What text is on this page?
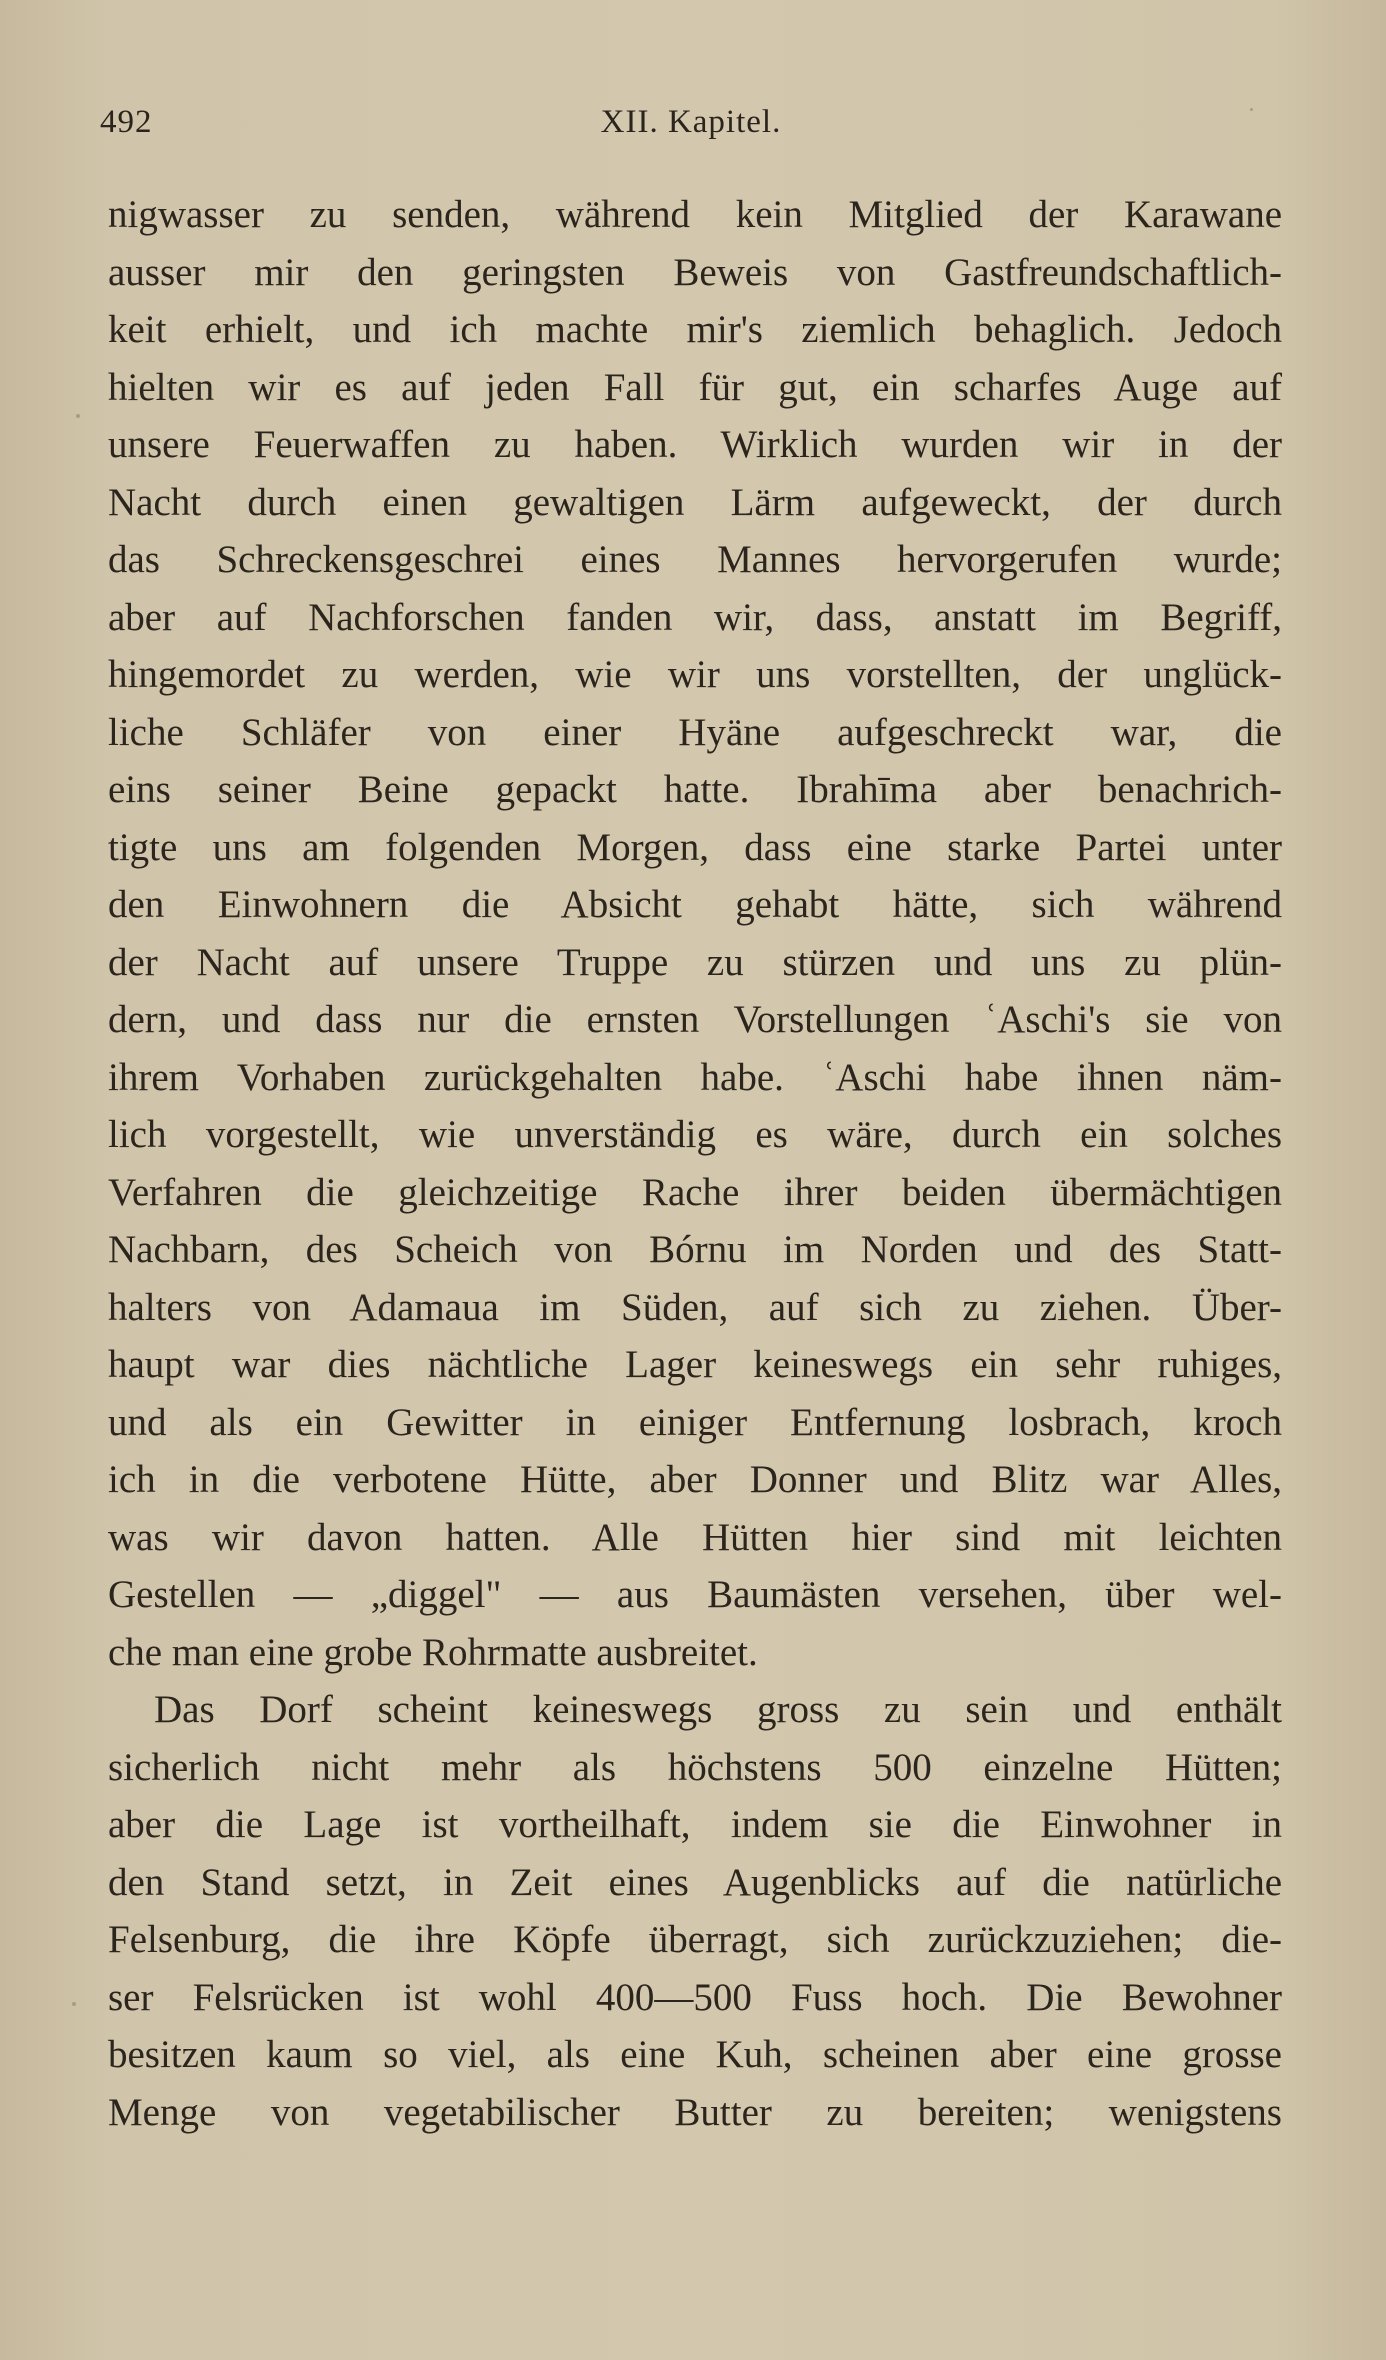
492	XII. Kapitel.
nigwasser zu senden, während kein Mitglied der Karawane
ausser mir den geringsten Beweis von Gastfreundschaftlich-
keit erhielt, und ich machte mir's ziemlich behaglich. Jedoch
hielten wir es auf jeden Fall für gut, ein scharfes Auge auf
unsere Feuerwaffen zu haben. Wirklich wurden wir in der
Nacht durch einen gewaltigen Lärm aufgeweckt, der durch
das Schreckensgeschrei eines Mannes hervorgerufen wurde;
aber auf Nachforschen fanden wir, dass, anstatt im Begriff,
hingemordet zu werden, wie wir uns vorstellten, der unglück-
liche Schläfer von einer Hyäne aufgeschreckt war, die
eins seiner Beine gepackt hatte. Ibrahīma aber benachrich-
tigte uns am folgenden Morgen, dass eine starke Partei unter
den Einwohnern die Absicht gehabt hätte, sich während
der Nacht auf unsere Truppe zu stürzen und uns zu plün-
dern, und dass nur die ernsten Vorstellungen ʿAschi's sie von
ihrem Vorhaben zurückgehalten habe. ʿAschi habe ihnen näm-
lich vorgestellt, wie unverständig es wäre, durch ein solches
Verfahren die gleichzeitige Rache ihrer beiden übermächtigen
Nachbarn, des Scheich von Bórnu im Norden und des Statt-
halters von Adamaua im Süden, auf sich zu ziehen. Über-
haupt war dies nächtliche Lager keineswegs ein sehr ruhiges,
und als ein Gewitter in einiger Entfernung losbrach, kroch
ich in die verbotene Hütte, aber Donner und Blitz war Alles,
was wir davon hatten. Alle Hütten hier sind mit leichten
Gestellen — „diggel" — aus Baumästen versehen, über wel-
che man eine grobe Rohrmatte ausbreitet.
Das Dorf scheint keineswegs gross zu sein und enthält
sicherlich nicht mehr als höchstens 500 einzelne Hütten;
aber die Lage ist vortheilhaft, indem sie die Einwohner in
den Stand setzt, in Zeit eines Augenblicks auf die natürliche
Felsenburg, die ihre Köpfe überragt, sich zurückzuziehen; die-
ser Felsrücken ist wohl 400—500 Fuss hoch. Die Bewohner
besitzen kaum so viel, als eine Kuh, scheinen aber eine grosse
Menge von vegetabilischer Butter zu bereiten; wenigstens
